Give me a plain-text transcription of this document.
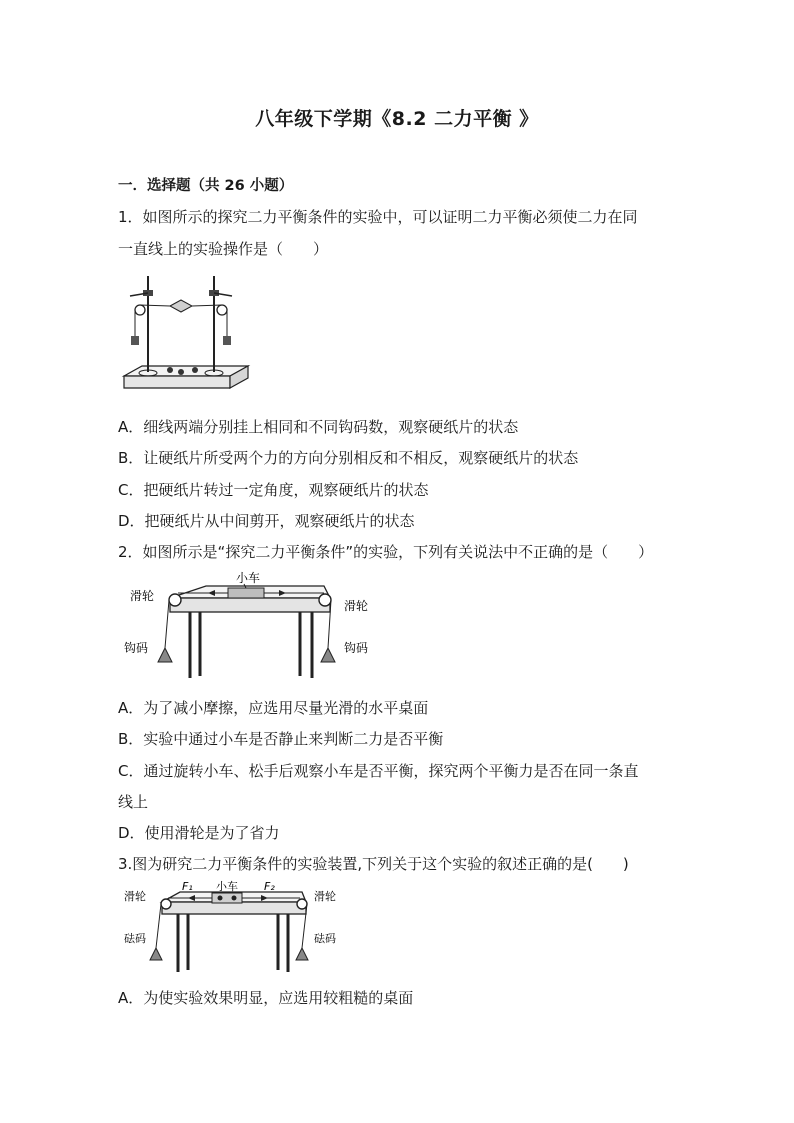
八年级下学期《8.2 二力平衡 》
一．选择题（共 26 小题）
1．如图所示的探究二力平衡条件的实验中，可以证明二力平衡必须使二力在同
一直线上的实验操作是（　　）
A．细线两端分别挂上相同和不同钩码数，观察硬纸片的状态
B．让硬纸片所受两个力的方向分别相反和不相反，观察硬纸片的状态
C．把硬纸片转过一定角度，观察硬纸片的状态
D．把硬纸片从中间剪开，观察硬纸片的状态
2．如图所示是“探究二力平衡条件”的实验，下列有关说法中不正确的是（　　）
小车
滑轮
滑轮
钩码	钩码
A．为了减小摩擦，应选用尽量光滑的水平桌面
B．实验中通过小车是否静止来判断二力是否平衡
C．通过旋转小车、松手后观察小车是否平衡，探究两个平衡力是否在同一条直
线上
D．使用滑轮是为了省力
3.图为研究二力平衡条件的实验装置,下列关于这个实验的叙述正确的是(　　)
小车
F₁	F₂
滑轮	滑轮
砝码	砝码
A．为使实验效果明显，应选用较粗糙的桌面
